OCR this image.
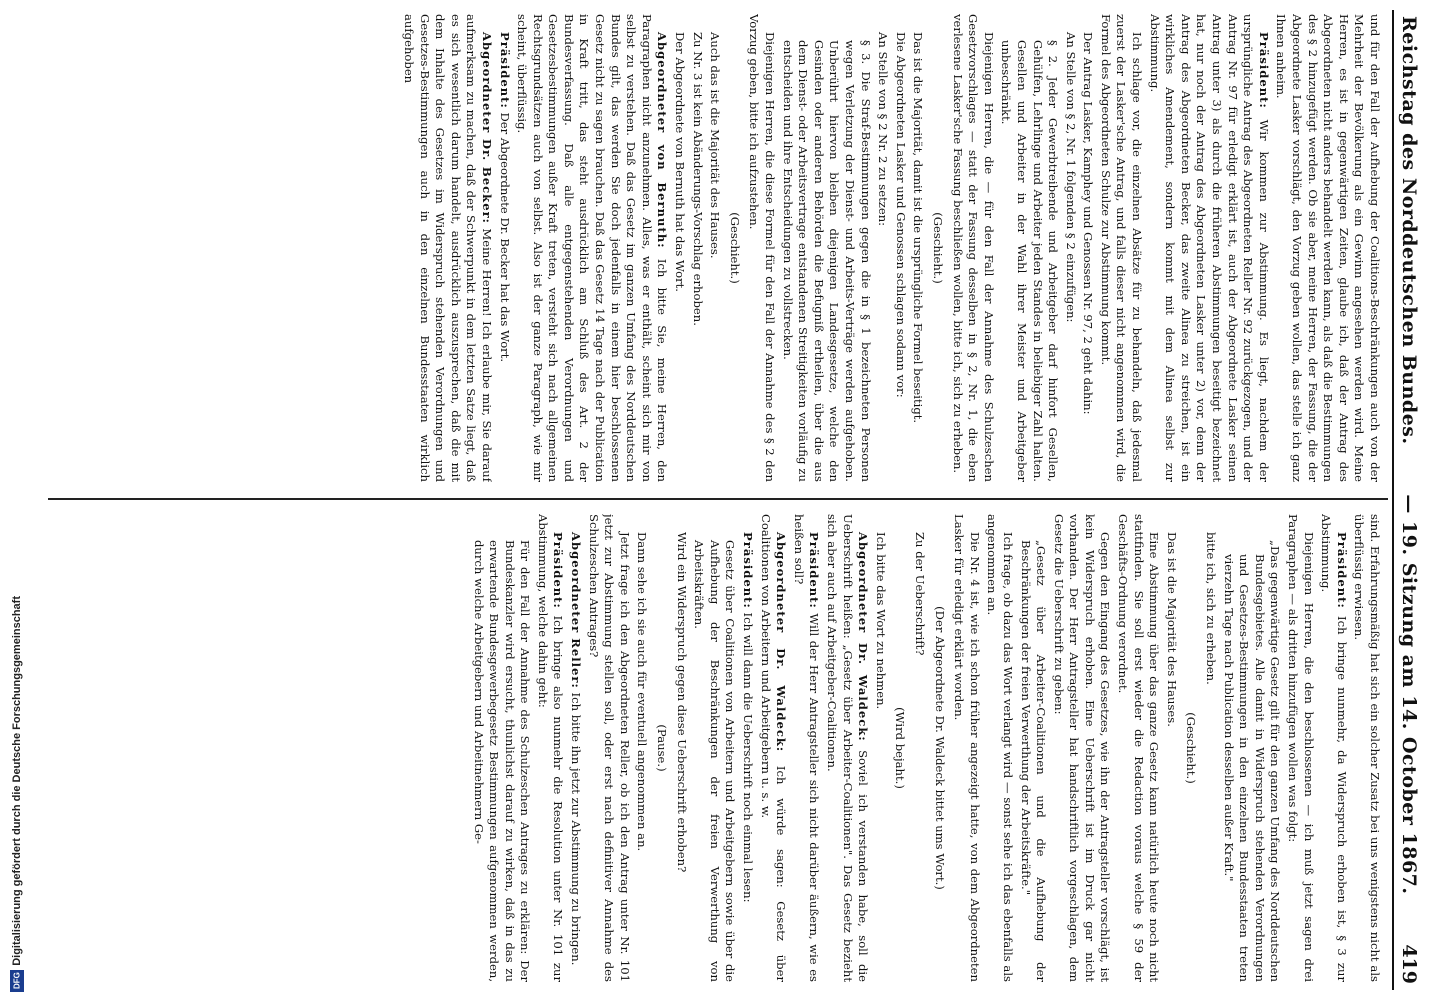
Reichstag des Norddeutschen Bundes.
— 19. Sitzung am 14. October 1867.
419

und für den Fall der Aufhebung der Coalitions-Beschränkungen auch von der Mehrheit der Bevölkerung als ein Gewinn angesehen werden wird. Meine Herren, es ist in gegenwärtigen Zeiten, glaube ich, daß der Antrag des Abgeordneten nicht anders behandelt werden kann, als daß die Bestimmungen des § 2 hinzugefügt werden. Ob sie aber, meine Herren, der Fassung, die der Abgeordnete Lasker vorschlägt, den Vorzug geben wollen, das stelle ich ganz Ihnen anheim.

Präsident: Wir kommen zur Abstimmung. Es liegt, nachdem der ursprüngliche Antrag des Abgeordneten Reller Nr. 92 zurückgezogen, und der Antrag Nr. 97 für erledigt erklärt ist, auch der Abgeordnete Lasker seinen Antrag unter 3) als durch die früheren Abstimmungen beseitigt bezeichnet hat, nur noch der Antrag des Abgeordneten Lasker unter 2) vor, denn der Antrag des Abgeordneten Becker, das zweite Alinea zu streichen, ist ein wirkliches Amendement, sondern kommt mit dem Alinea selbst zur Abstimmung.

Ich schlage vor, die einzelnen Absätze für zu behandeln, daß jedesmal zuerst der Lasker'sche Antrag, und falls dieser nicht angenommen wird, die Formel des Abgeordneten Schulze zur Abstimmung kommt.

Der Antrag Lasker, Kamphey und Genossen Nr. 97, 2 geht dahin:

An Stelle von § 2, Nr. 1 folgenden § 2 einzufügen:

§ 2. Jeder Gewerbtreibende und Arbeitgeber darf hinfort Gesellen, Gehülfen, Lehrlinge und Arbeiter jeden Standes in beliebiger Zahl halten. Gesellen und Arbeiter in der Wahl ihrer Meister und Arbeitgeber unbeschränkt.

Diejenigen Herren, die — für den Fall der Annahme des Schulzeschen Gesetzvorschlages — statt der Fassung desselben in § 2, Nr. 1, die eben verlesene Lasker'sche Fassung beschließen wollen, bitte ich, sich zu erheben.

(Geschieht.)

Das ist die Majorität, damit ist die ursprüngliche Formel beseitigt.

Die Abgeordneten Lasker und Genossen schlagen sodann vor:

An Stelle von § 2 Nr. 2 zu setzen:

§ 3. Die Straf-Bestimmungen gegen die in § 1 bezeichneten Personen wegen Verletzung der Dienst- und Arbeits-Verträge werden aufgehoben. Unberührt hiervon bleiben diejenigen Landesgesetze, welche den Gesinden oder anderen Behörden die Befugniß ertheilen, über die aus dem Dienst- oder Arbeitsvertrage entstandenen Streitigkeiten vorläufig zu entscheiden und ihre Entscheidungen zu vollstrecken.

Diejenigen Herren, die diese Formel für den Fall der Annahme des § 2 den Vorzug geben, bitte ich aufzustehen.

(Geschieht.)

Auch das ist die Majorität des Hauses.

Zu Nr. 3 ist kein Abänderungs-Vorschlag erhoben.

Der Abgeordnete von Bernuth hat das Wort.

Abgeordneter von Bernuth: Ich bitte Sie, meine Herren, den Paragraphen nicht anzunehmen. Alles, was er enthält, scheint sich mir von selbst zu verstehen. Daß das Gesetz im ganzen Umfang des Norddeutschen Bundes gilt, das werden Sie doch jedenfalls in einem hier beschlossenen Gesetz nicht zu sagen brauchen. Daß das Gesetz 14 Tage nach der Publication in Kraft tritt, das steht ausdrücklich am Schluß des Art. 2 der Bundesverfassung. Daß alle entgegenstehenden Verordnungen und Gesetzesbestimmungen außer Kraft treten, versteht sich nach allgemeinen Rechtsgrundsätzen auch von selbst. Also ist der ganze Paragraph, wie mir scheint, überflüssig.

Präsident: Der Abgeordnete Dr. Becker hat das Wort.

Abgeordneter Dr. Becker: Meine Herren! Ich erlaube mir, Sie darauf aufmerksam zu machen, daß der Schwerpunkt in dem letzten Satze liegt, daß es sich wesentlich darum handelt, ausdrücklich auszusprechen, daß die mit dem Inhalte des Gesetzes im Widerspruch stehenden Verordnungen und Gesetzes-Bestimmungen auch in den einzelnen Bundesstaaten wirklich aufgehoben

sind. Erfahrungsmäßig hat sich ein solcher Zusatz bei uns wenigstens nicht als überflüssig erwiesen.

Präsident: Ich bringe nunmehr, da Widerspruch erhoben ist, § 3 zur Abstimmung.

Diejenigen Herren, die den beschlossenen — ich muß jetzt sagen drei Paragraphen — als dritten hinzufügen wollen was folgt:

„Das gegenwärtige Gesetz gilt für den ganzen Umfang des Norddeutschen Bundesgebietes. Alle damit in Widerspruch stehenden Verordnungen und Gesetzes-Bestimmungen in den einzelnen Bundesstaaten treten vierzehn Tage nach Publication desselben außer Kraft."

bitte ich, sich zu erheben.

(Geschieht.)

Das ist die Majorität des Hauses.

Eine Abstimmung über das ganze Gesetz kann natürlich heute noch nicht stattfinden. Sie soll erst wieder die Redaction voraus welche § 59 der Geschäfts-Ordnung verordnet.

Gegen den Eingang des Gesetzes, wie ihn der Antragsteller vorschlägt, ist kein Widerspruch erhoben. Eine Ueberschrift ist im Druck gar nicht vorhanden. Der Herr Antragsteller hat handschriftlich vorgeschlagen, dem Gesetz die Ueberschrift zu geben:

„Gesetz über Arbeiter-Coalitionen und die Aufhebung der Beschränkungen der freien Verwerthung der Arbeitskräfte."

Ich frage, ob dazu das Wort verlangt wird — sonst sehe ich das ebenfalls als angenommen an.

Die Nr. 4 ist, wie ich schon früher angezeigt hatte, von dem Abgeordneten Lasker für erledigt erklärt worden.

(Der Abgeordnete Dr. Waldeck bittet ums Wort.)

Zu der Ueberschrift?

(Wird bejaht.)

Ich bitte das Wort zu nehmen.

Abgeordneter Dr. Waldeck: Soviel ich verstanden habe, soll die Ueberschrift heißen: „Gesetz über Arbeiter-Coalitionen". Das Gesetz bezieht sich aber auch auf Arbeitgeber-Coalitionen.

Präsident: Will der Herr Antragsteller sich nicht darüber äußern, wie es heißen soll?

Abgeordneter Dr. Waldeck: Ich würde sagen: Gesetz über Coalitionen von Arbeitern und Arbeitgebern u. s. w.

Präsident: Ich will dann die Ueberschrift noch einmal lesen:

Gesetz über Coalitionen von Arbeitern und Arbeitgebern sowie über die Aufhebung der Beschränkungen der freien Verwerthung von Arbeitskräften.

Wird ein Widerspruch gegen diese Ueberschrift erhoben?

(Pause.)

Dann sehe ich sie auch für eventuell angenommen an.

Jetzt frage ich den Abgeordneten Reller, ob ich den Antrag unter Nr. 101 jetzt zur Abstimmung stellen soll, oder erst nach definitiver Annahme des Schulzeschen Antrages?

Abgeordneter Reller: Ich bitte ihn jetzt zur Abstimmung zu bringen.

Präsident: Ich bringe also nunmehr die Resolution unter Nr. 101 zur Abstimmung, welche dahin geht:

Für den Fall der Annahme des Schulzeschen Antrages zu erklären: Der Bundeskanzler wird ersucht, thunlichst darauf zu wirken, daß in das zu erwartende Bundesgewerbegesetz Bestimmungen aufgenommen werden, durch welche Arbeitgebern und Arbeitnehmern Ge-

Digitalisierung gefördert durch die Deutsche Forschungsgemeinschaft
DFG
